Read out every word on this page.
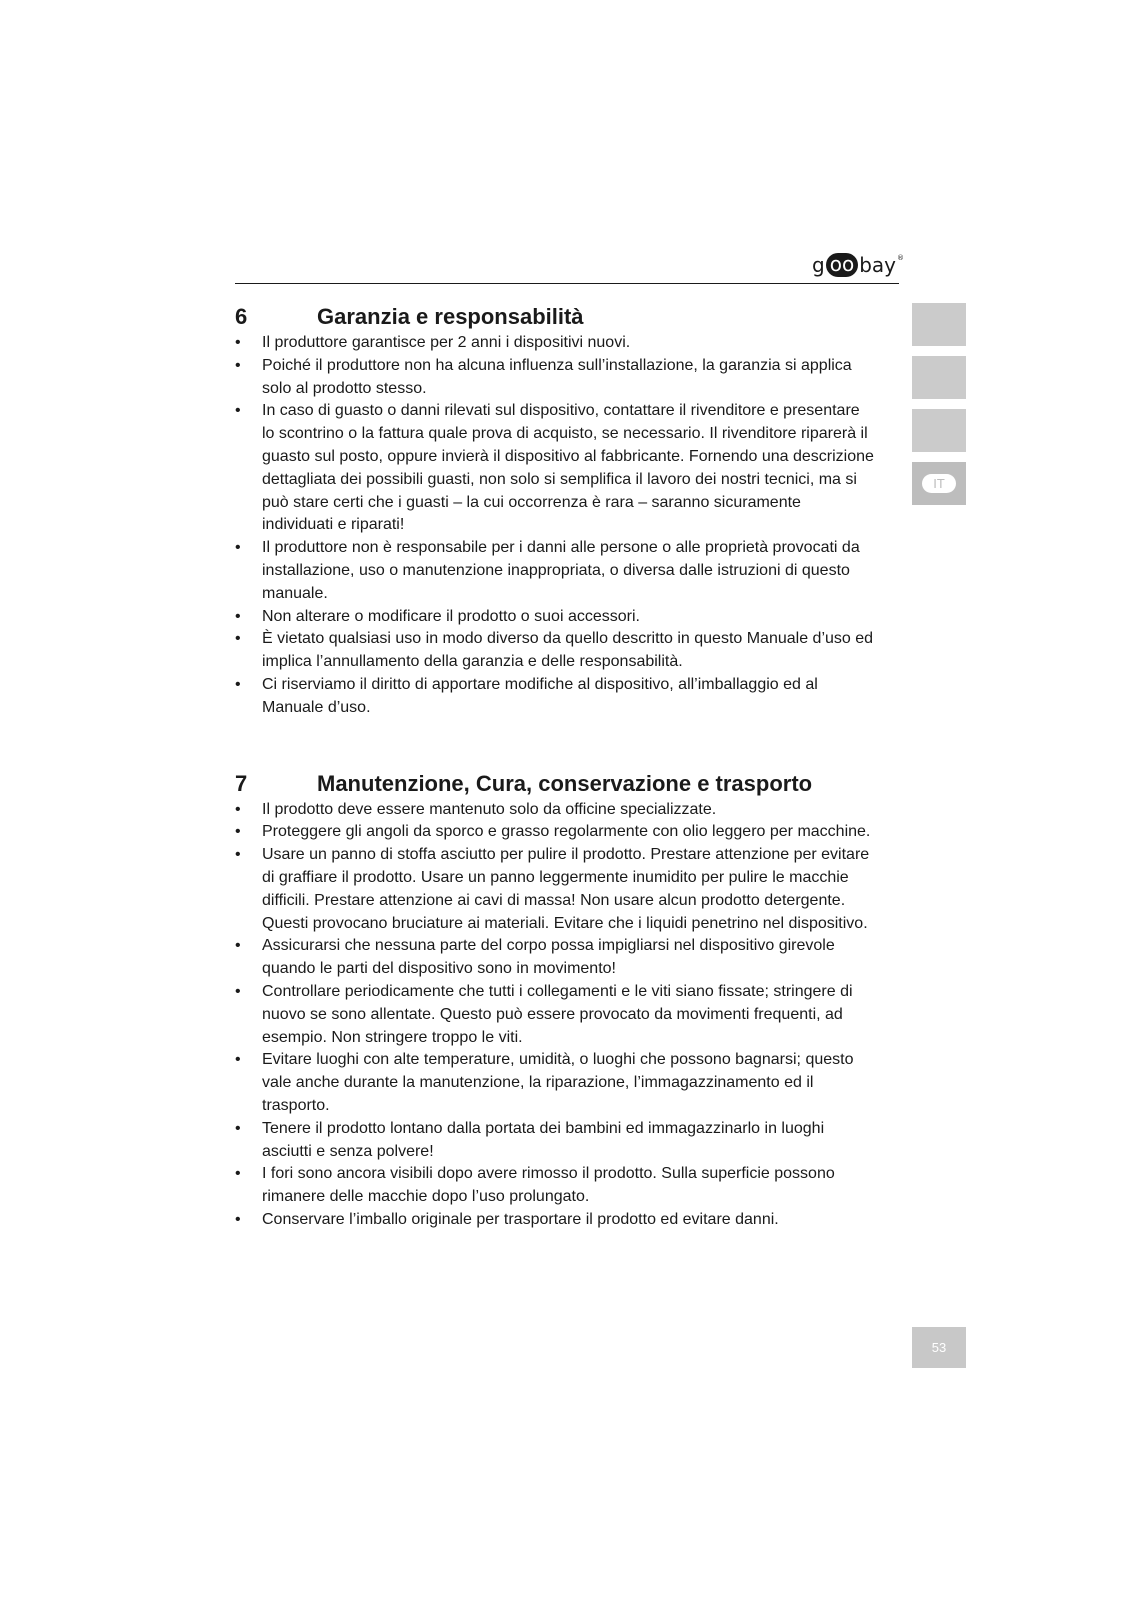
g oo bay ®
IT
6	Garanzia e responsabilità
• Il produttore garantisce per 2 anni i dispositivi nuovi.
• Poiché il produttore non ha alcuna influenza sull’installazione, la garanzia si applica solo al prodotto stesso.
• In caso di guasto o danni rilevati sul dispositivo, contattare il rivenditore e presentare lo scontrino o la fattura quale prova di acquisto, se necessario. Il rivenditore riparerà il guasto sul posto, oppure invierà il dispositivo al fabbricante. Fornendo una descrizione dettagliata dei possibili guasti, non solo si semplifica il lavoro dei nostri tecnici, ma si può stare certi che i guasti – la cui occorrenza è rara – saranno sicuramente individuati e riparati!
• Il produttore non è responsabile per i danni alle persone o alle proprietà provocati da installazione, uso o manutenzione inappropriata, o diversa dalle istruzioni di questo manuale.
• Non alterare o modificare il prodotto o suoi accessori.
• È vietato qualsiasi uso in modo diverso da quello descritto in questo Manuale d’uso ed implica l’annullamento della garanzia e delle responsabilità.
• Ci riserviamo il diritto di apportare modifiche al dispositivo, all’imballaggio ed al Manuale d’uso.
7	Manutenzione, Cura, conservazione e trasporto
• Il prodotto deve essere mantenuto solo da officine specializzate.
• Proteggere gli angoli da sporco e grasso regolarmente con olio leggero per macchine.
• Usare un panno di stoffa asciutto per pulire il prodotto. Prestare attenzione per evitare di graffiare il prodotto. Usare un panno leggermente inumidito per pulire le macchie difficili. Prestare attenzione ai cavi di massa! Non usare alcun prodotto detergente. Questi provocano bruciature ai materiali. Evitare che i liquidi penetrino nel dispositivo.
• Assicurarsi che nessuna parte del corpo possa impigliarsi nel dispositivo girevole quando le parti del dispositivo sono in movimento!
• Controllare periodicamente che tutti i collegamenti e le viti siano fissate; stringere di nuovo se sono allentate. Questo può essere provocato da movimenti frequenti, ad esempio. Non stringere troppo le viti.
• Evitare luoghi con alte temperature, umidità, o luoghi che possono bagnarsi; questo vale anche durante la manutenzione, la riparazione, l’immagazzinamento ed il trasporto.
• Tenere il prodotto lontano dalla portata dei bambini ed immagazzinarlo in luoghi asciutti e senza polvere!
• I fori sono ancora visibili dopo avere rimosso il prodotto. Sulla superficie possono rimanere delle macchie dopo l’uso prolungato.
• Conservare l’imballo originale per trasportare il prodotto ed evitare danni.
53
